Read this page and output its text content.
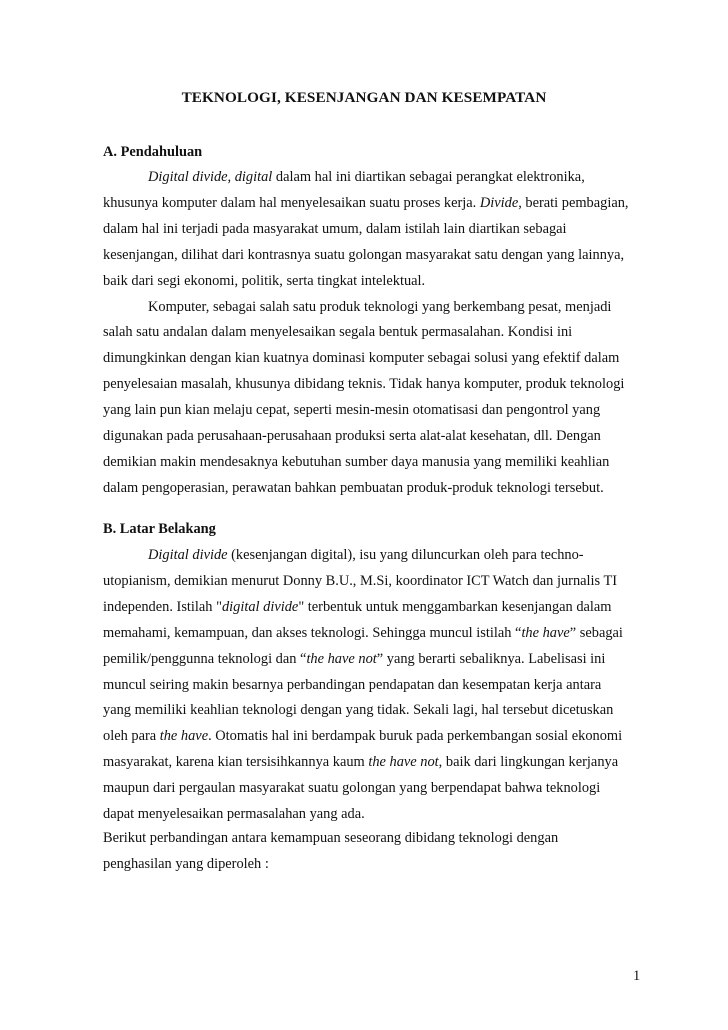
TEKNOLOGI, KESENJANGAN DAN KESEMPATAN
A. Pendahuluan
Digital divide, digital dalam hal ini diartikan sebagai perangkat elektronika,
khusunya komputer dalam hal menyelesaikan suatu proses kerja. Divide, berati pembagian,
dalam hal ini terjadi pada masyarakat umum, dalam istilah lain diartikan sebagai
kesenjangan, dilihat dari kontrasnya suatu golongan masyarakat satu dengan yang lainnya,
baik dari segi ekonomi, politik, serta tingkat intelektual.
Komputer, sebagai salah satu produk teknologi yang berkembang pesat, menjadi
salah satu andalan dalam menyelesaikan segala bentuk permasalahan. Kondisi ini
dimungkinkan dengan kian kuatnya dominasi komputer sebagai solusi yang efektif dalam
penyelesaian masalah, khusunya dibidang teknis. Tidak hanya komputer, produk teknologi
yang lain pun kian melaju cepat, seperti mesin-mesin otomatisasi dan pengontrol yang
digunakan pada perusahaan-perusahaan produksi serta alat-alat kesehatan, dll. Dengan
demikian makin mendesaknya kebutuhan sumber daya manusia yang memiliki keahlian
dalam pengoperasian, perawatan bahkan pembuatan produk-produk teknologi tersebut.
B. Latar Belakang
Digital divide (kesenjangan digital), isu yang diluncurkan oleh para techno-
utopianism, demikian menurut Donny B.U., M.Si, koordinator ICT Watch dan jurnalis TI
independen. Istilah "digital divide" terbentuk untuk menggambarkan kesenjangan dalam
memahami, kemampuan, dan akses teknologi. Sehingga muncul istilah “the have” sebagai
pemilik/penggunna teknologi dan “the have not” yang berarti sebaliknya. Labelisasi ini
muncul seiring makin besarnya perbandingan pendapatan dan kesempatan kerja antara
yang memiliki keahlian teknologi dengan yang tidak. Sekali lagi, hal tersebut dicetuskan
oleh para the have. Otomatis hal ini berdampak buruk pada perkembangan sosial ekonomi
masyarakat, karena kian tersisihkannya kaum the have not, baik dari lingkungan kerjanya
maupun dari pergaulan masyarakat suatu golongan yang berpendapat bahwa teknologi
dapat menyelesaikan permasalahan yang ada.
Berikut perbandingan antara kemampuan seseorang dibidang teknologi dengan
penghasilan yang diperoleh :
1
